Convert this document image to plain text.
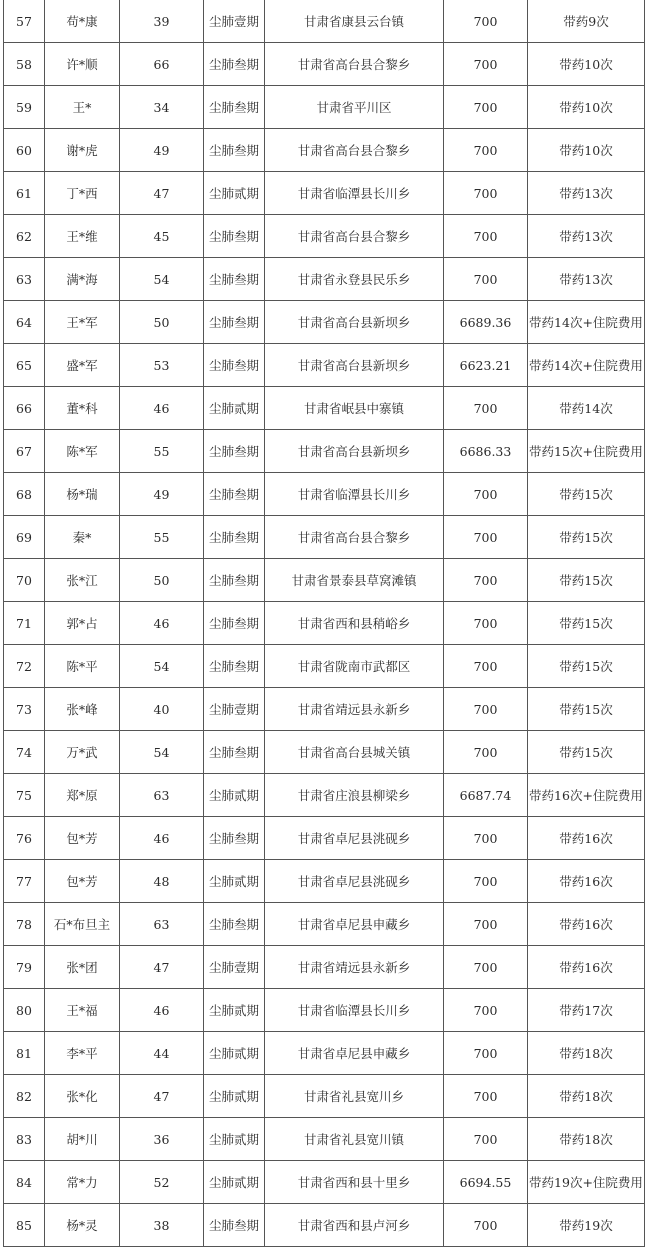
57	苟*康	39	尘肺壹期	甘肃省康县云台镇	700	带药9次
58	许*顺	66	尘肺叁期	甘肃省高台县合黎乡	700	带药10次
59	王*	34	尘肺叁期	甘肃省平川区	700	带药10次
60	谢*虎	49	尘肺叁期	甘肃省高台县合黎乡	700	带药10次
61	丁*西	47	尘肺贰期	甘肃省临潭县长川乡	700	带药13次
62	王*维	45	尘肺叁期	甘肃省高台县合黎乡	700	带药13次
63	满*海	54	尘肺叁期	甘肃省永登县民乐乡	700	带药13次
64	王*军	50	尘肺叁期	甘肃省高台县新坝乡	6689.36	带药14次+住院费用
65	盛*军	53	尘肺叁期	甘肃省高台县新坝乡	6623.21	带药14次+住院费用
66	董*科	46	尘肺贰期	甘肃省岷县中寨镇	700	带药14次
67	陈*军	55	尘肺叁期	甘肃省高台县新坝乡	6686.33	带药15次+住院费用
68	杨*瑞	49	尘肺叁期	甘肃省临潭县长川乡	700	带药15次
69	秦*	55	尘肺叁期	甘肃省高台县合黎乡	700	带药15次
70	张*江	50	尘肺叁期	甘肃省景泰县草窝滩镇	700	带药15次
71	郭*占	46	尘肺叁期	甘肃省西和县稍峪乡	700	带药15次
72	陈*平	54	尘肺叁期	甘肃省陇南市武都区	700	带药15次
73	张*峰	40	尘肺壹期	甘肃省靖远县永新乡	700	带药15次
74	万*武	54	尘肺叁期	甘肃省高台县城关镇	700	带药15次
75	郑*原	63	尘肺贰期	甘肃省庄浪县柳梁乡	6687.74	带药16次+住院费用
76	包*芳	46	尘肺叁期	甘肃省卓尼县洮砚乡	700	带药16次
77	包*芳	48	尘肺贰期	甘肃省卓尼县洮砚乡	700	带药16次
78	石*布旦主	63	尘肺叁期	甘肃省卓尼县申藏乡	700	带药16次
79	张*团	47	尘肺壹期	甘肃省靖远县永新乡	700	带药16次
80	王*福	46	尘肺贰期	甘肃省临潭县长川乡	700	带药17次
81	李*平	44	尘肺贰期	甘肃省卓尼县申藏乡	700	带药18次
82	张*化	47	尘肺贰期	甘肃省礼县宽川乡	700	带药18次
83	胡*川	36	尘肺贰期	甘肃省礼县宽川镇	700	带药18次
84	常*力	52	尘肺贰期	甘肃省西和县十里乡	6694.55	带药19次+住院费用
85	杨*灵	38	尘肺叁期	甘肃省西和县卢河乡	700	带药19次
